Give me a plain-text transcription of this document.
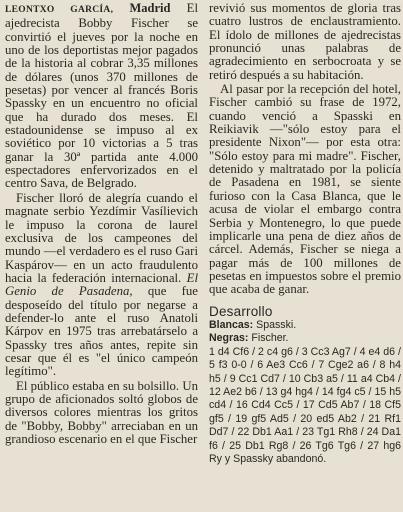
LEONTXO GARCÍA, Madrid El ajedrecista Bobby Fischer se convirtió el jueves por la noche en uno de los deportistas mejor pagados de la historia al cobrar 3,35 millones de dólares (unos 370 millones de pesetas) por vencer al francés Boris Spassky en un encuentro no oficial que ha durado dos meses. El estadounidense se impuso al ex soviético por 10 victorias a 5 tras ganar la 30ª partida ante 4.000 espectadores enfervorizados en el centro Sava, de Belgrado.

Fischer lloró de alegría cuando el magnate serbio Yezdímir Vasílievich le impuso la corona de laurel exclusiva de los campeones del mundo —el verdadero es el ruso Gari Kaspárov— en un acto fraudulento hacia la federación internacional. El Genio de Pasadena, que fue desposeído del título por negarse a defender-lo ante el ruso Anatoli Kárpov en 1975 tras arrebatárselo a Spassky tres años antes, repite sin cesar que él es "el único campeón legítimo".

El público estaba en su bolsillo. Un grupo de aficionados soltó globos de diversos colores mientras los gritos de "Bobby, Bobby" arreciaban en un grandioso escenario en el que Fischer

revivió sus momentos de gloria tras cuatro lustros de enclaustramiento. El ídolo de millones de ajedrecistas pronunció unas palabras de agradecimiento en serbocroata y se retiró después a su habitación.

Al pasar por la recepción del hotel, Fischer cambió su frase de 1972, cuando venció a Spasski en Reikiavik —"sólo estoy para el presidente Nixon"— por esta otra: "Sólo estoy para mi madre". Fischer, detenido y maltratado por la policía de Pasadena en 1981, se siente furioso con la Casa Blanca, que le acusa de violar el embargo contra Serbia y Montenegro, lo que puede implicarle una pena de diez años de cárcel. Además, Fischer se niega a pagar más de 100 millones de pesetas en impuestos sobre el premio que acaba de ganar.

Desarrollo

Blancas: Spasski.
Negras: Fischer.

1 d4 Cf6 / 2 c4 g6 / 3 Cc3 Ag7 / 4 e4 d6 / 5 f3 0-0 / 6 Ae3 Cc6 / 7 Cge2 a6 / 8 h4 h5 / 9 Cc1 Cd7 / 10 Cb3 a5 / 11 a4 Cb4 / 12 Ae2 b6 / 13 g4 hg4 / 14 fg4 c5 / 15 h5 cd4 / 16 Cd4 Cc5 / 17 Cd5 Ab7 / 18 Cf5 gf5 / 19 gf5 Ad5 / 20 ed5 Ab2 / 21 Rf1 Dd7 / 22 Db1 Aa1 / 23 Tg1 Rh8 / 24 Da1 f6 / 25 Db1 Rg8 / 26 Tg6 Tg6 / 27 hg6 Ry y Spassky abandonó.
